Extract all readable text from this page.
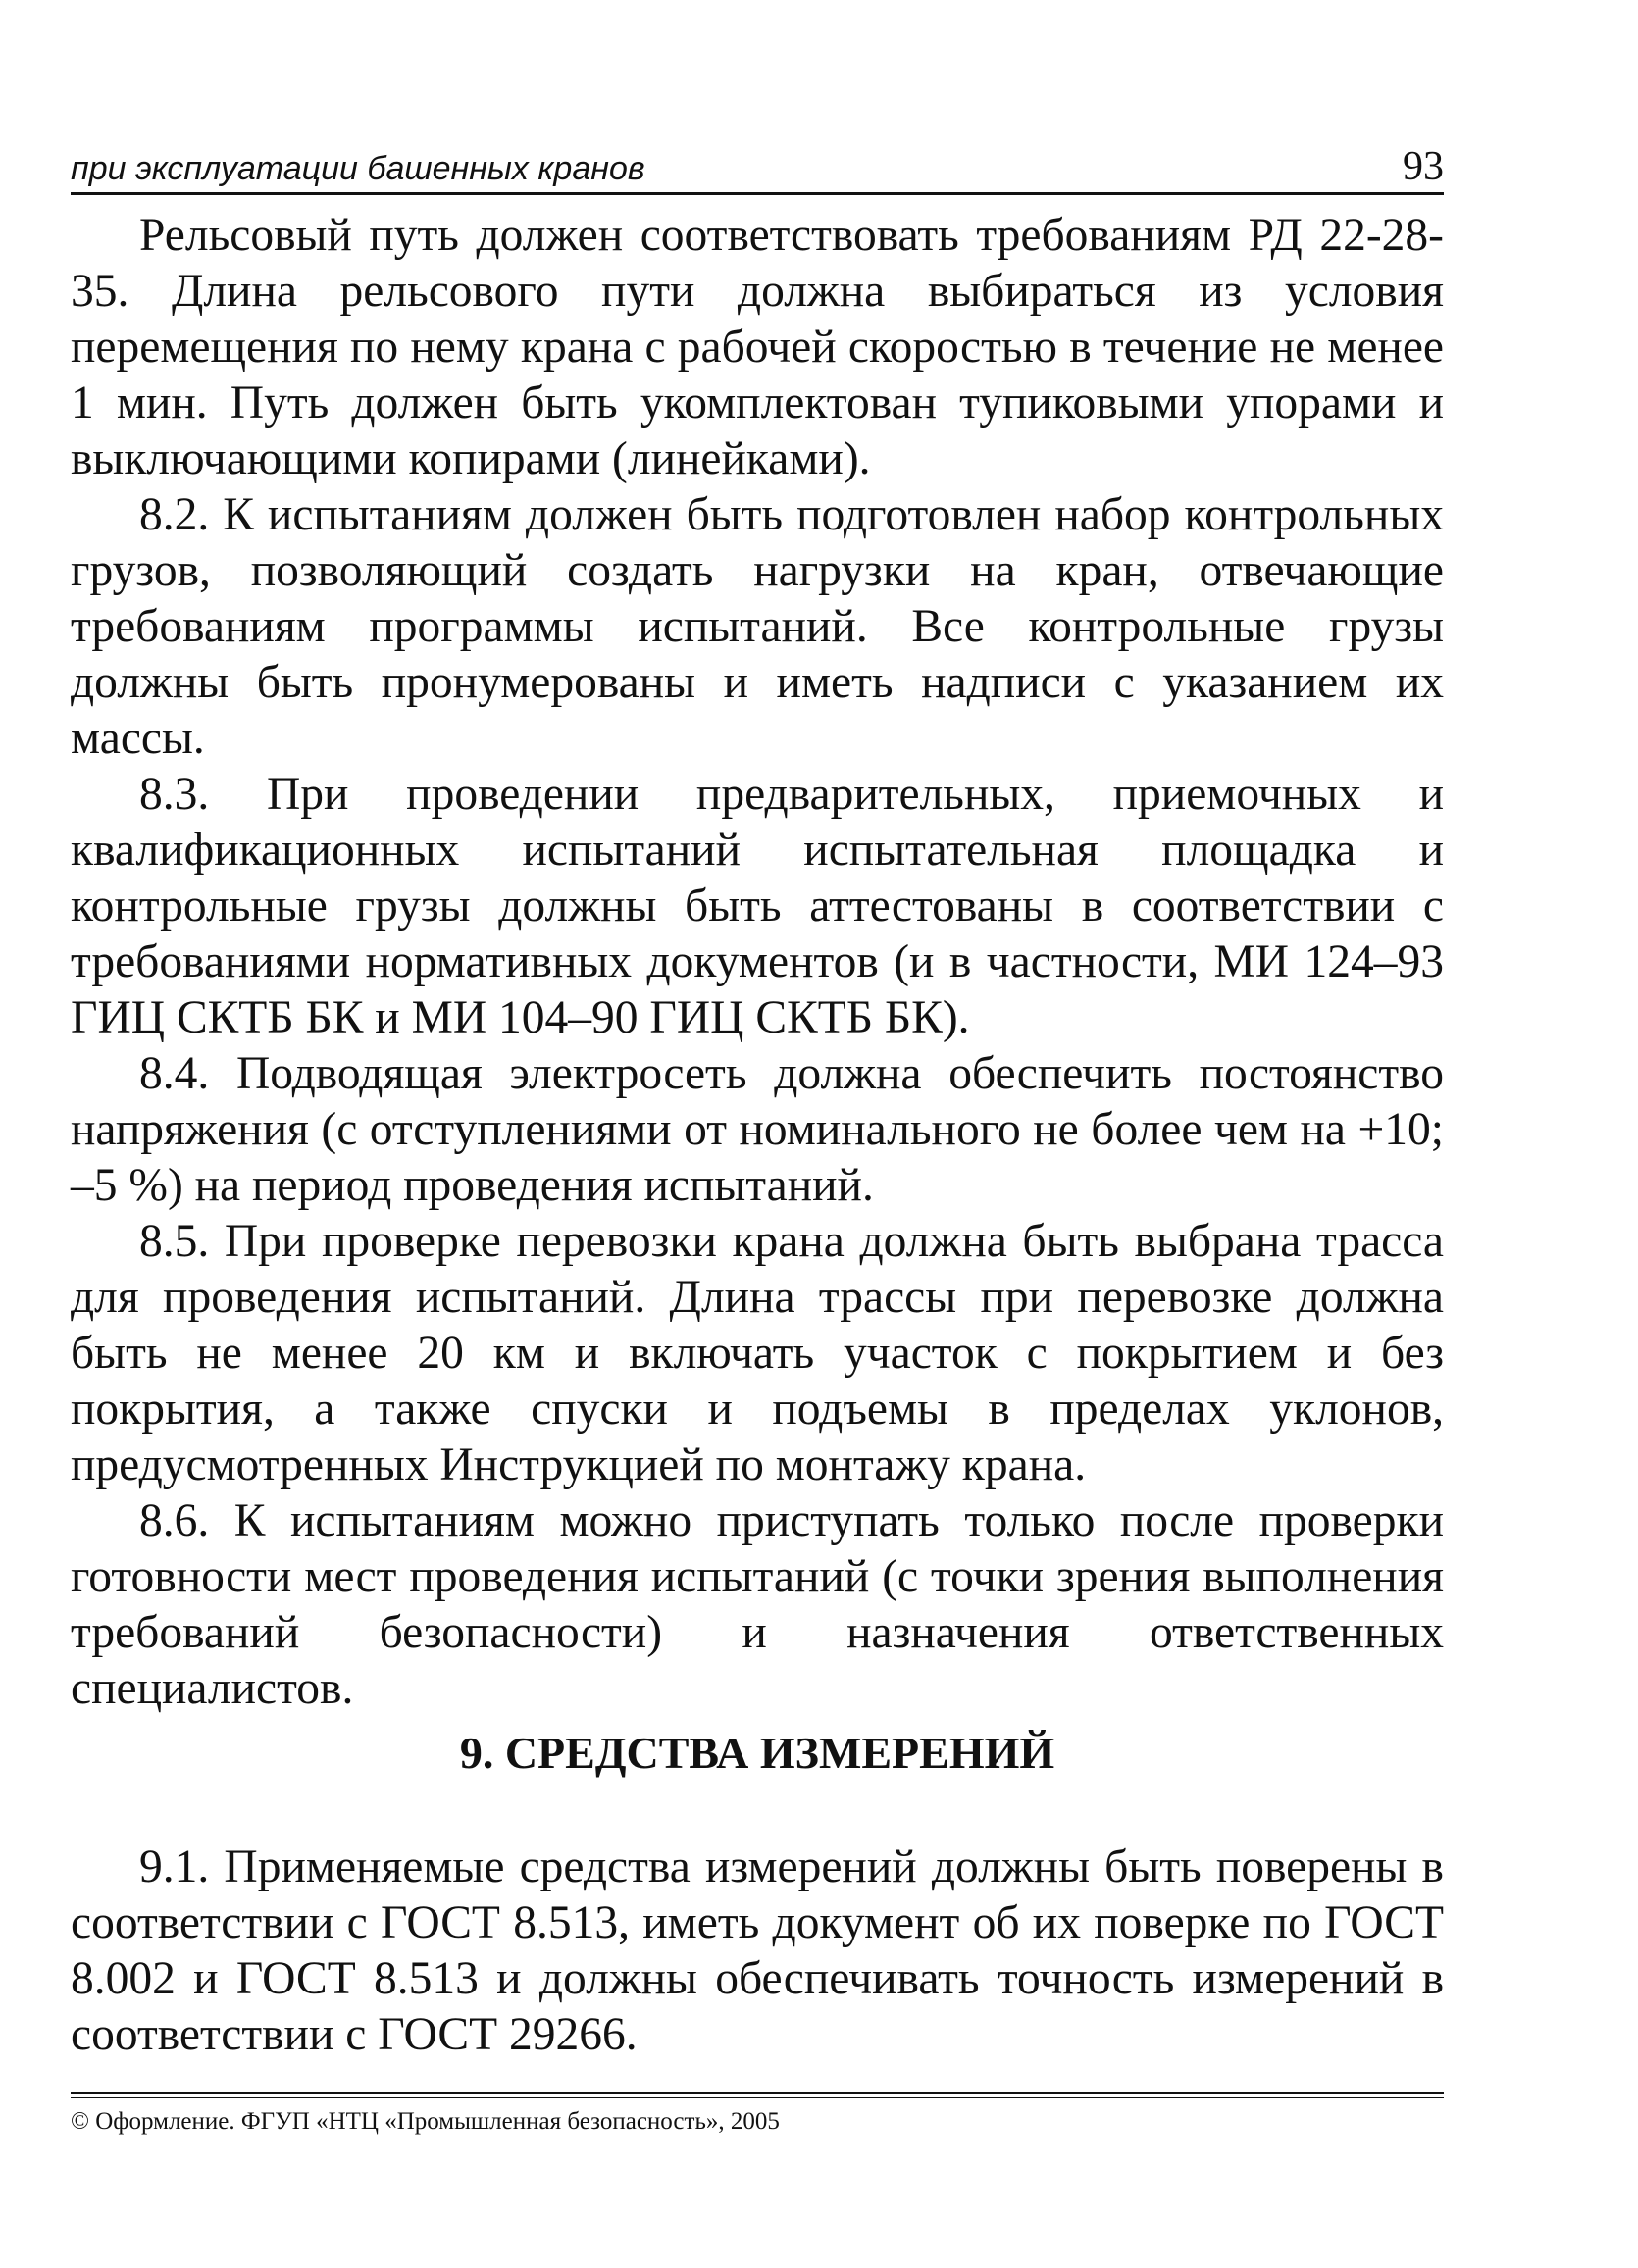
при эксплуатации башенных кранов	93

Рельсовый путь должен соответствовать требованиям РД 22-28-35. Длина рельсового пути должна выбираться из условия перемещения по нему крана с рабочей скоростью в течение не менее 1 мин. Путь должен быть укомплектован тупиковыми упорами и выключающими копирами (линейками).

8.2. К испытаниям должен быть подготовлен набор контрольных грузов, позволяющий создать нагрузки на кран, отвечающие требованиям программы испытаний. Все контрольные грузы должны быть пронумерованы и иметь надписи с указанием их массы.

8.3. При проведении предварительных, приемочных и квалификационных испытаний испытательная площадка и контрольные грузы должны быть аттестованы в соответствии с требованиями нормативных документов (и в частности, МИ 124–93 ГИЦ СКТБ БК и МИ 104–90 ГИЦ СКТБ БК).

8.4. Подводящая электросеть должна обеспечить постоянство напряжения (с отступлениями от номинального не более чем на +10; –5 %) на период проведения испытаний.

8.5. При проверке перевозки крана должна быть выбрана трасса для проведения испытаний. Длина трассы при перевозке должна быть не менее 20 км и включать участок с покрытием и без покрытия, а также спуски и подъемы в пределах уклонов, предусмотренных Инструкцией по монтажу крана.

8.6. К испытаниям можно приступать только после проверки готовности мест проведения испытаний (с точки зрения выполнения требований безопасности) и назначения ответственных специалистов.

9. СРЕДСТВА ИЗМЕРЕНИЙ

9.1. Применяемые средства измерений должны быть поверены в соответствии с ГОСТ 8.513, иметь документ об их поверке по ГОСТ 8.002 и ГОСТ 8.513 и должны обеспечивать точность измерений в соответствии с ГОСТ 29266.

© Оформление. ФГУП «НТЦ «Промышленная безопасность», 2005
